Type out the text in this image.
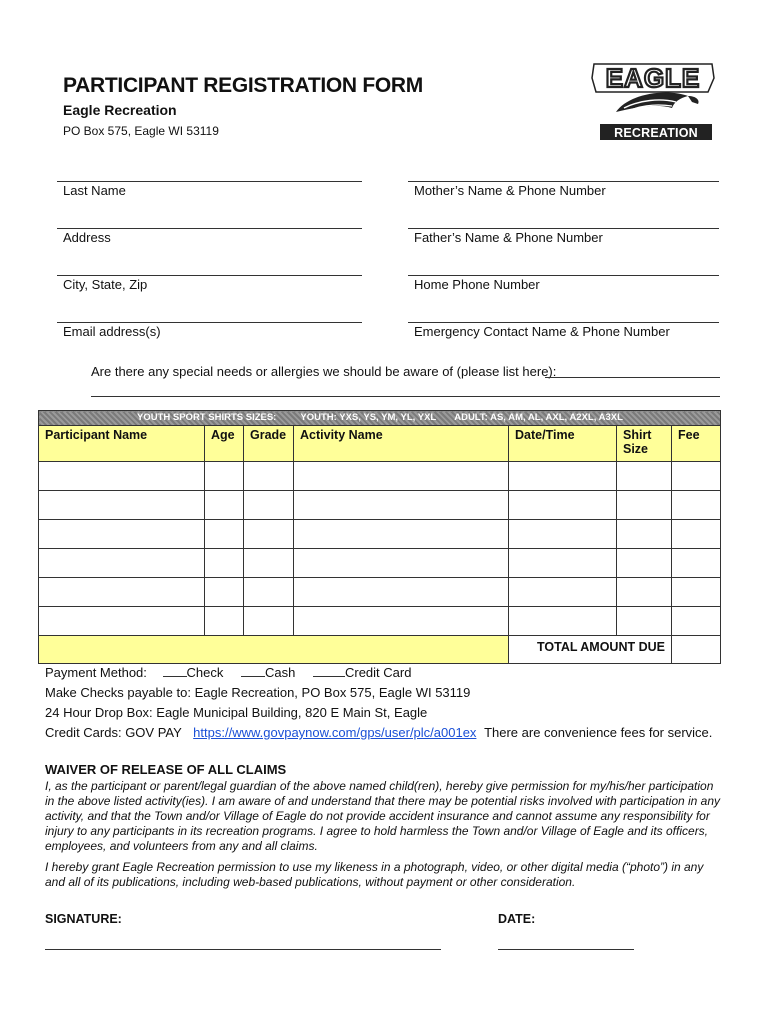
PARTICIPANT REGISTRATION FORM
Eagle Recreation
PO Box 575, Eagle WI 53119
EAGLE
RECREATION
Last Name
Address
City, State, Zip
Email address(s)
Mother’s Name & Phone Number
Father’s Name & Phone Number
Home Phone Number
Emergency Contact Name & Phone Number
Are there any special needs or allergies we should be aware of (please list here):
YOUTH SPORT SHIRTS SIZES: YOUTH: YXS, YS, YM, YL, YXL ADULT: AS, AM, AL, AXL, A2XL, A3XL						

Participant Name	Age	Grade	Activity Name	Date/Time	Shirt Size	Fee

				TOTAL AMOUNT DUE		
Payment Method:	Check	Cash	Credit Card
Make Checks payable to: Eagle Recreation, PO Box 575, Eagle WI 53119
24 Hour Drop Box: Eagle Municipal Building, 820 E Main St, Eagle
Credit Cards: GOV PAY https://www.govpaynow.com/gps/user/plc/a001ex There are convenience fees for service.
WAIVER OF RELEASE OF ALL CLAIMS
I, as the participant or parent/legal guardian of the above named child(ren), hereby give permission for my/his/her participation in the above listed activity(ies). I am aware of and understand that there may be potential risks involved with participation in any activity, and that the Town and/or Village of Eagle do not provide accident insurance and cannot assume any responsibility for injury to any participants in its recreation programs. I agree to hold harmless the Town and/or Village of Eagle and its officers, employees, and volunteers from any and all claims.
I hereby grant Eagle Recreation permission to use my likeness in a photograph, video, or other digital media (“photo”) in any and all of its publications, including web-based publications, without payment or other consideration.
SIGNATURE:	DATE:
